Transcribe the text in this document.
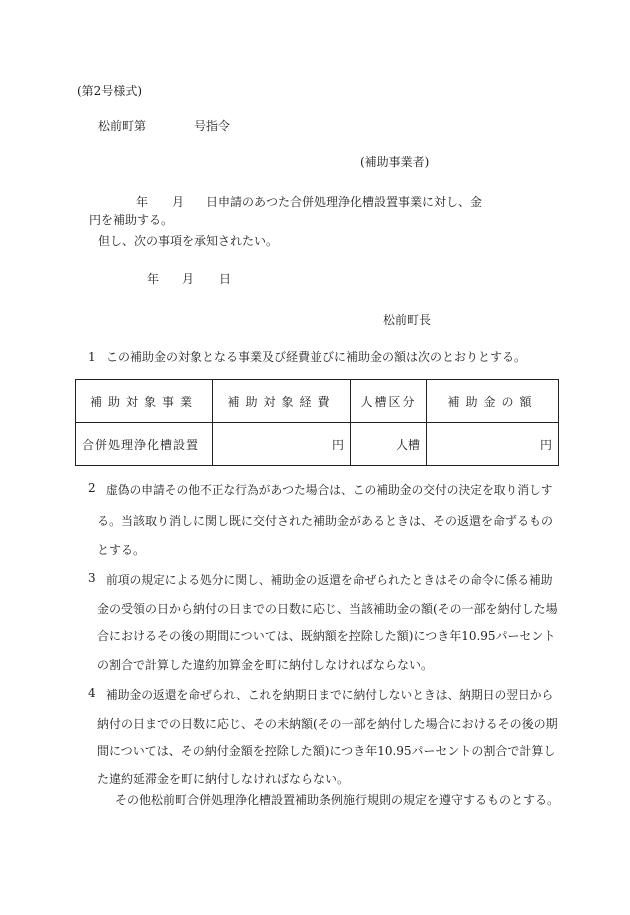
(第2号様式)
松前町第	号指令
(補助事業者)
年 月 日申請のあつた合併処理浄化槽設置事業に対し、金
円を補助する。
但し、次の事項を承知されたい。
年 月 日
松前町長
1 この補助金の対象となる事業及び経費並びに補助金の額は次のとおりとする。
補助対象事業	補助対象経費	人槽区分	補助金の額
合併処理浄化槽設置	円	人槽	円
2 虚偽の申請その他不正な行為があつた場合は、この補助金の交付の決定を取り消しす
る。当該取り消しに関し既に交付された補助金があるときは、その返還を命ずるもの
とする。
3 前項の規定による処分に関し、補助金の返還を命ぜられたときはその命令に係る補助
金の受領の日から納付の日までの日数に応じ、当該補助金の額(その一部を納付した場
合におけるその後の期間については、既納額を控除した額)につき年10.95パーセント
の割合で計算した違約加算金を町に納付しなければならない。
4 補助金の返還を命ぜられ、これを納期日までに納付しないときは、納期日の翌日から
納付の日までの日数に応じ、その未納額(その一部を納付した場合におけるその後の期
間については、その納付金額を控除した額)につき年10.95パーセントの割合で計算し
た違約延滞金を町に納付しなければならない。
その他松前町合併処理浄化槽設置補助条例施行規則の規定を遵守するものとする。
